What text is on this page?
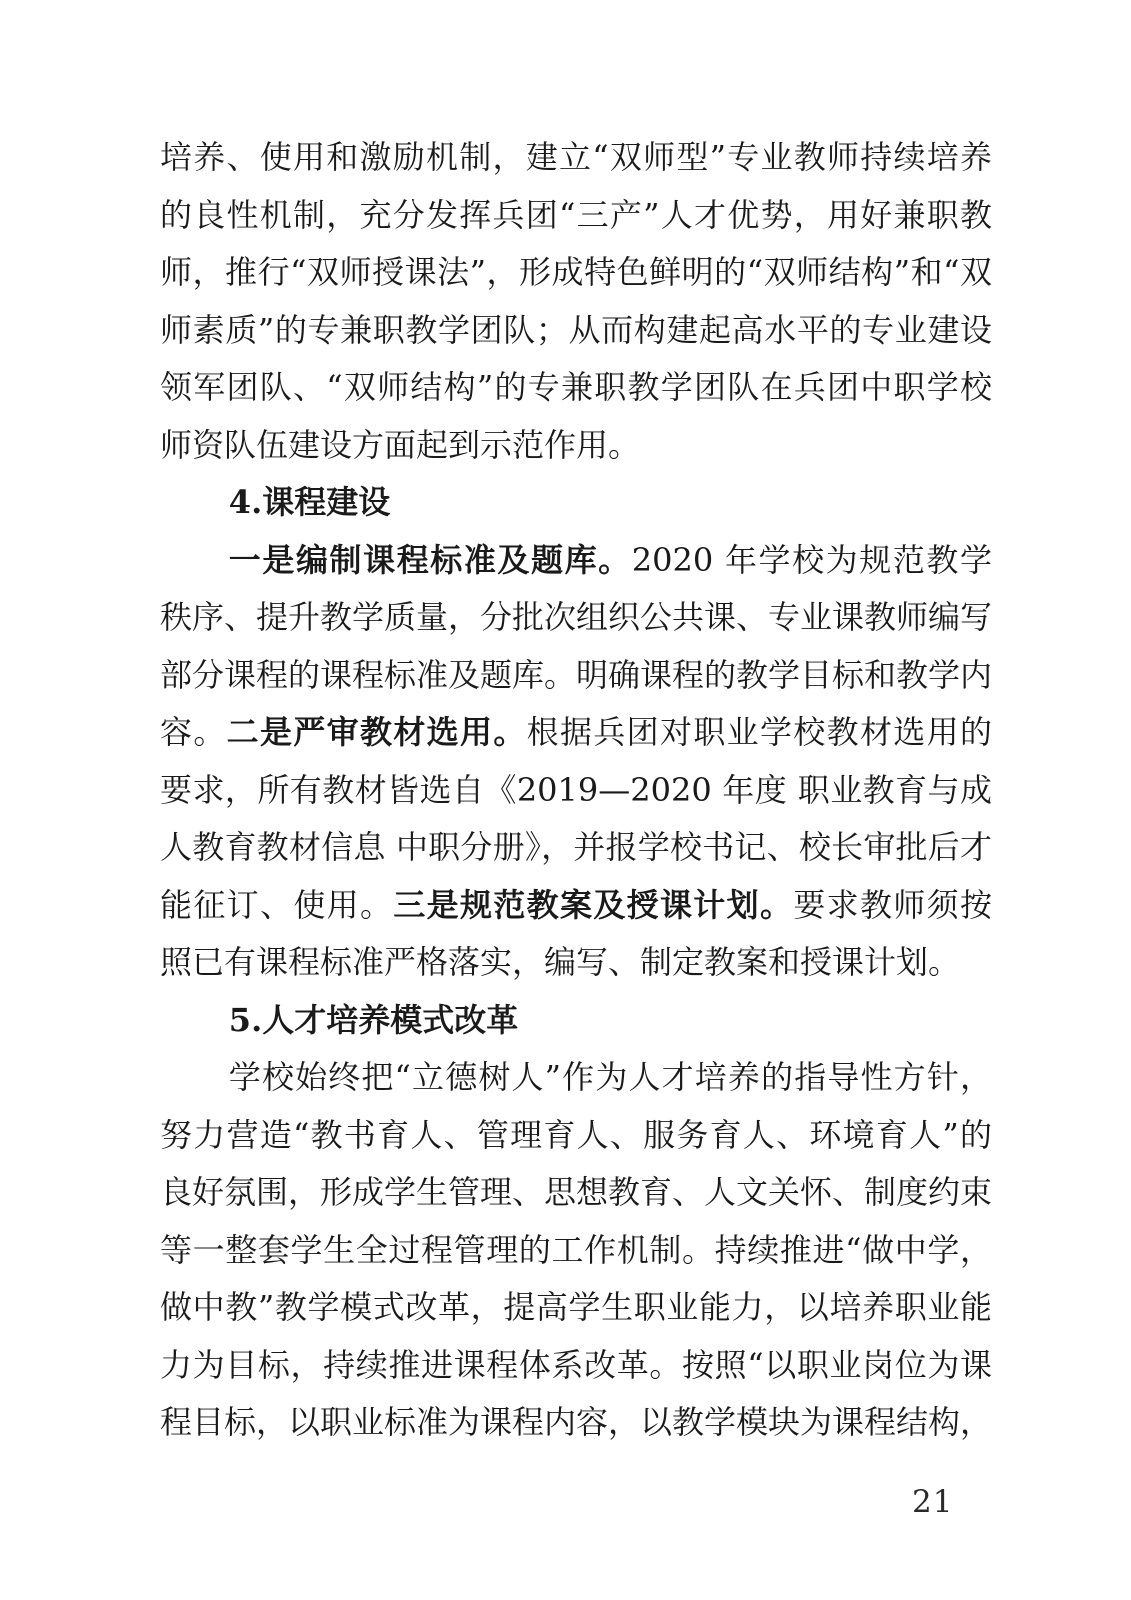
培养、使用和激励机制，建立“双师型”专业教师持续培养的良性机制，充分发挥兵团“三产”人才优势，用好兼职教师，推行“双师授课法”，形成特色鲜明的“双师结构”和“双师素质”的专兼职教学团队；从而构建起高水平的专业建设领军团队、“双师结构”的专兼职教学团队在兵团中职学校师资队伍建设方面起到示范作用。

4.课程建设

一是编制课程标准及题库。2020 年学校为规范教学秩序、提升教学质量，分批次组织公共课、专业课教师编写部分课程的课程标准及题库。明确课程的教学目标和教学内容。二是严审教材选用。根据兵团对职业学校教材选用的要求，所有教材皆选自《2019—2020 年度 职业教育与成人教育教材信息 中职分册》，并报学校书记、校长审批后才能征订、使用。三是规范教案及授课计划。要求教师须按照已有课程标准严格落实，编写、制定教案和授课计划。

5.人才培养模式改革

学校始终把“立德树人”作为人才培养的指导性方针，努力营造“教书育人、管理育人、服务育人、环境育人”的良好氛围，形成学生管理、思想教育、人文关怀、制度约束等一整套学生全过程管理的工作机制。持续推进“做中学，做中教”教学模式改革，提高学生职业能力，以培养职业能力为目标，持续推进课程体系改革。按照“以职业岗位为课程目标，以职业标准为课程内容，以教学模块为课程结构，

21
